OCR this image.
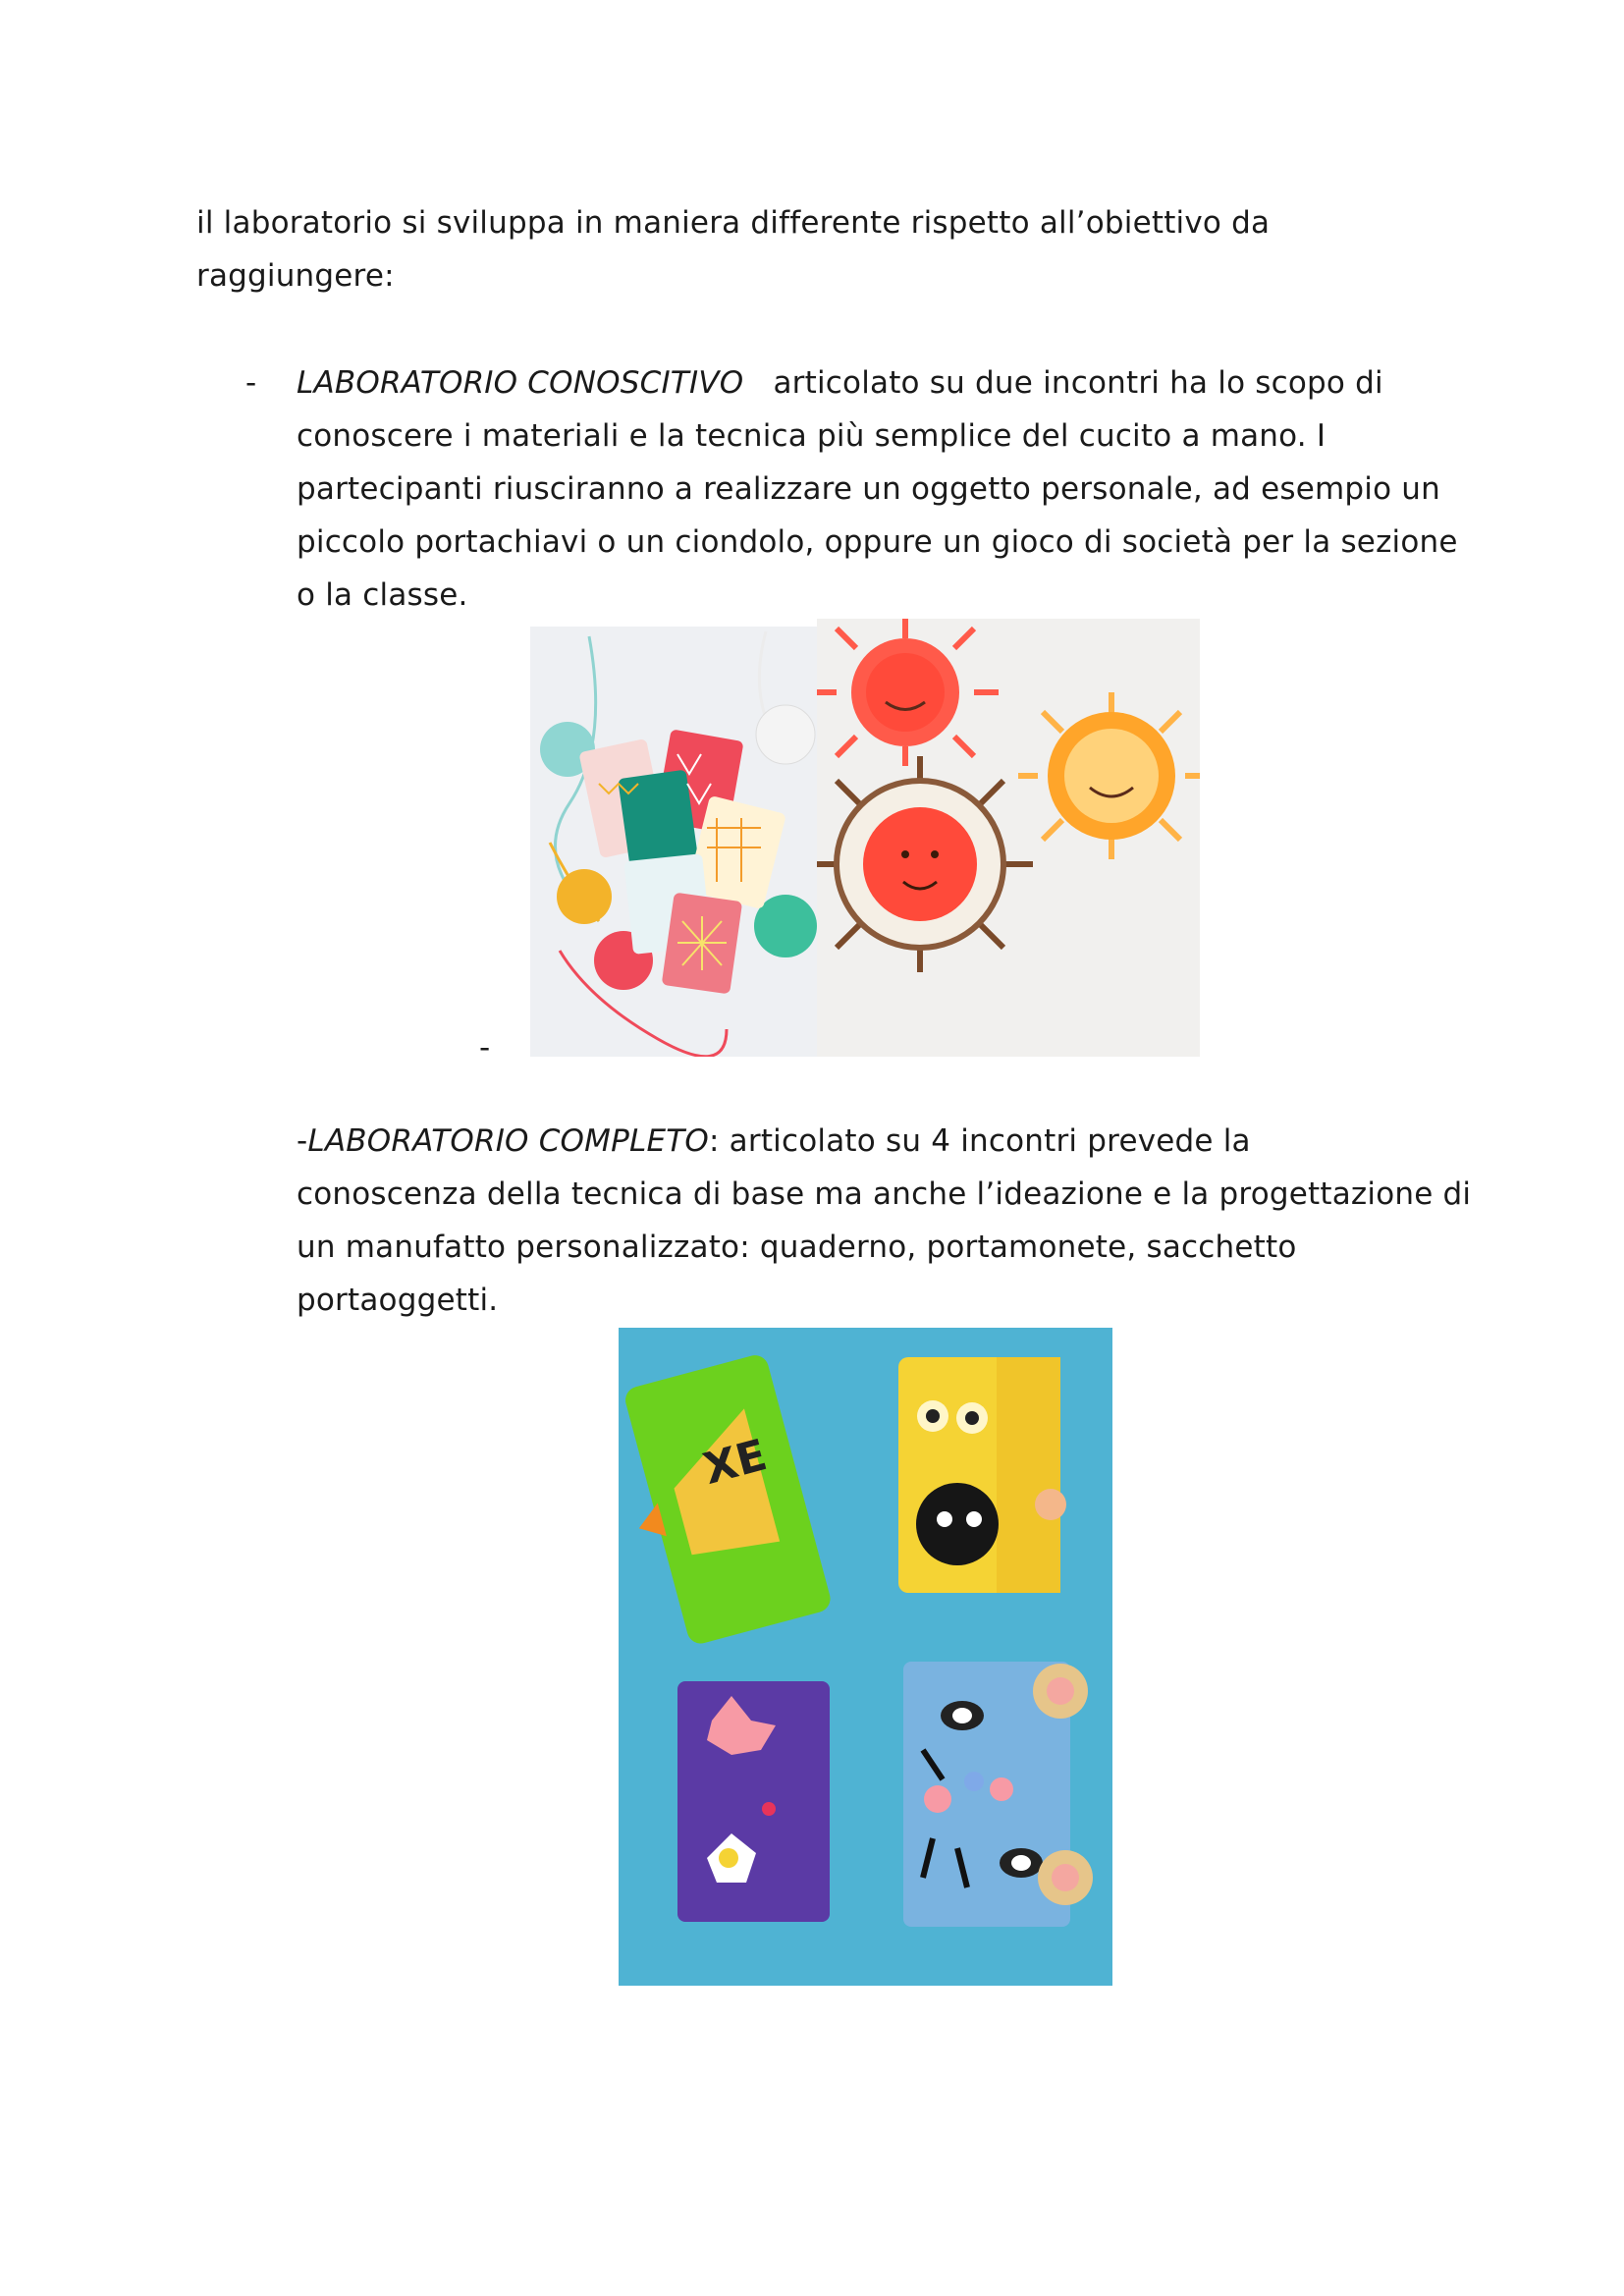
il laboratorio si sviluppa in maniera differente rispetto all’obiettivo da
raggiungere:
- LABORATORIO CONOSCITIVO articolato su due incontri ha lo scopo di
conoscere i materiali e la tecnica più semplice del cucito a mano. I
partecipanti riusciranno a realizzare un oggetto personale, ad esempio un
piccolo portachiavi o un ciondolo, oppure un gioco di società per la sezione
o la classe.
-
-LABORATORIO COMPLETO: articolato su 4 incontri prevede la
conoscenza della tecnica di base ma anche l’ideazione e la progettazione di
un manufatto personalizzato: quaderno, portamonete, sacchetto
portaoggetti.
XE
